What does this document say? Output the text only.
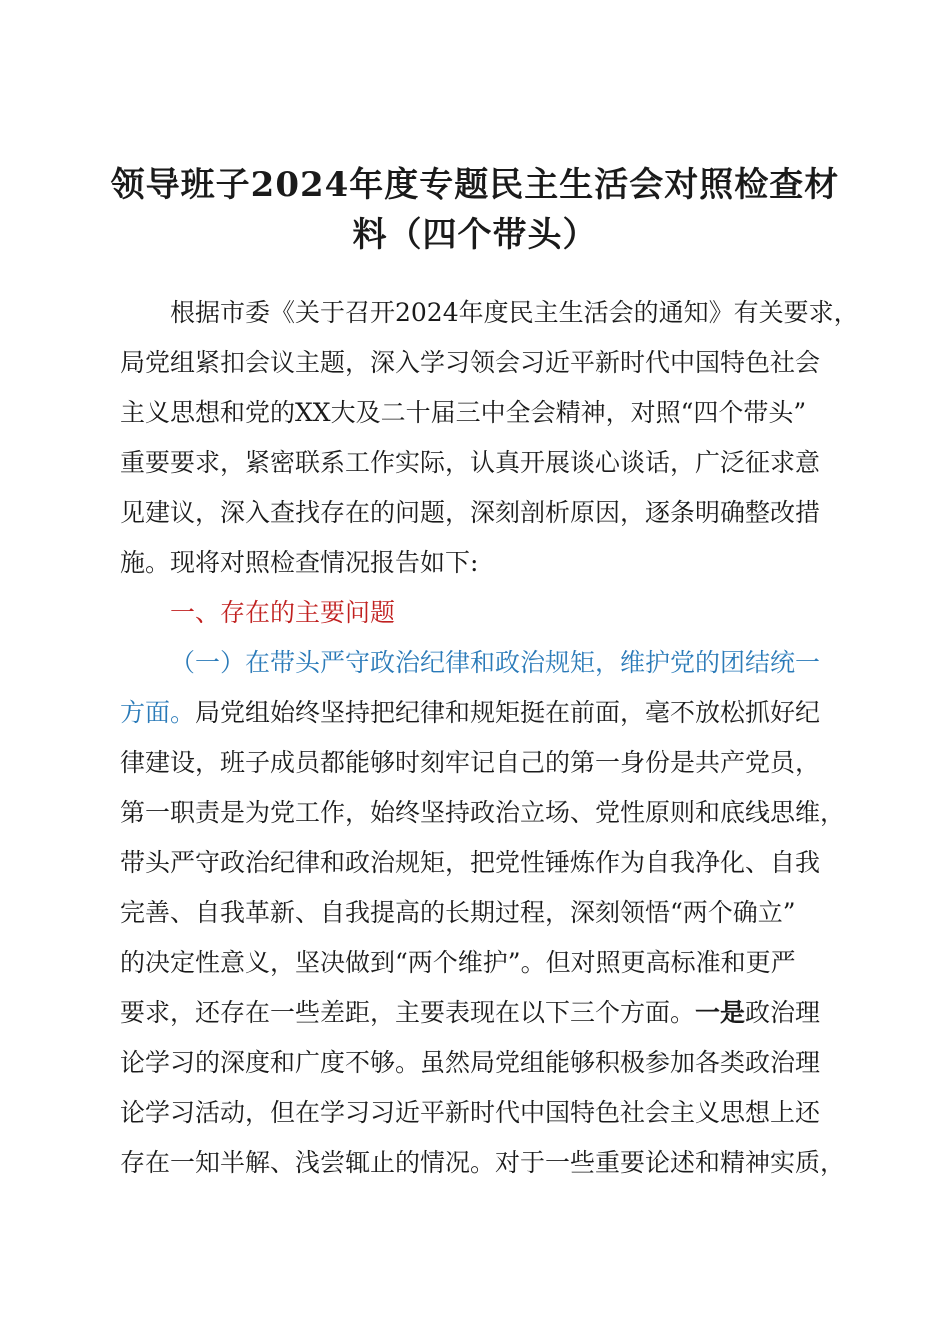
领导班子2024年度专题民主生活会对照检查材
料（四个带头）
根据市委《关于召开2024年度民主生活会的通知》有关要求，
局党组紧扣会议主题，深入学习领会习近平新时代中国特色社会
主义思想和党的XX大及二十届三中全会精神，对照“四个带头”
重要要求，紧密联系工作实际，认真开展谈心谈话，广泛征求意
见建议，深入查找存在的问题，深刻剖析原因，逐条明确整改措
施。现将对照检查情况报告如下:
一、存在的主要问题
（一）在带头严守政治纪律和政治规矩，维护党的团结统一
方面。局党组始终坚持把纪律和规矩挺在前面，毫不放松抓好纪
律建设，班子成员都能够时刻牢记自己的第一身份是共产党员，
第一职责是为党工作，始终坚持政治立场、党性原则和底线思维，
带头严守政治纪律和政治规矩，把党性锤炼作为自我净化、自我
完善、自我革新、自我提高的长期过程，深刻领悟“两个确立”
的决定性意义，坚决做到“两个维护”。但对照更高标准和更严
要求，还存在一些差距，主要表现在以下三个方面。一是政治理
论学习的深度和广度不够。虽然局党组能够积极参加各类政治理
论学习活动，但在学习习近平新时代中国特色社会主义思想上还
存在一知半解、浅尝辄止的情况。对于一些重要论述和精神实质，
